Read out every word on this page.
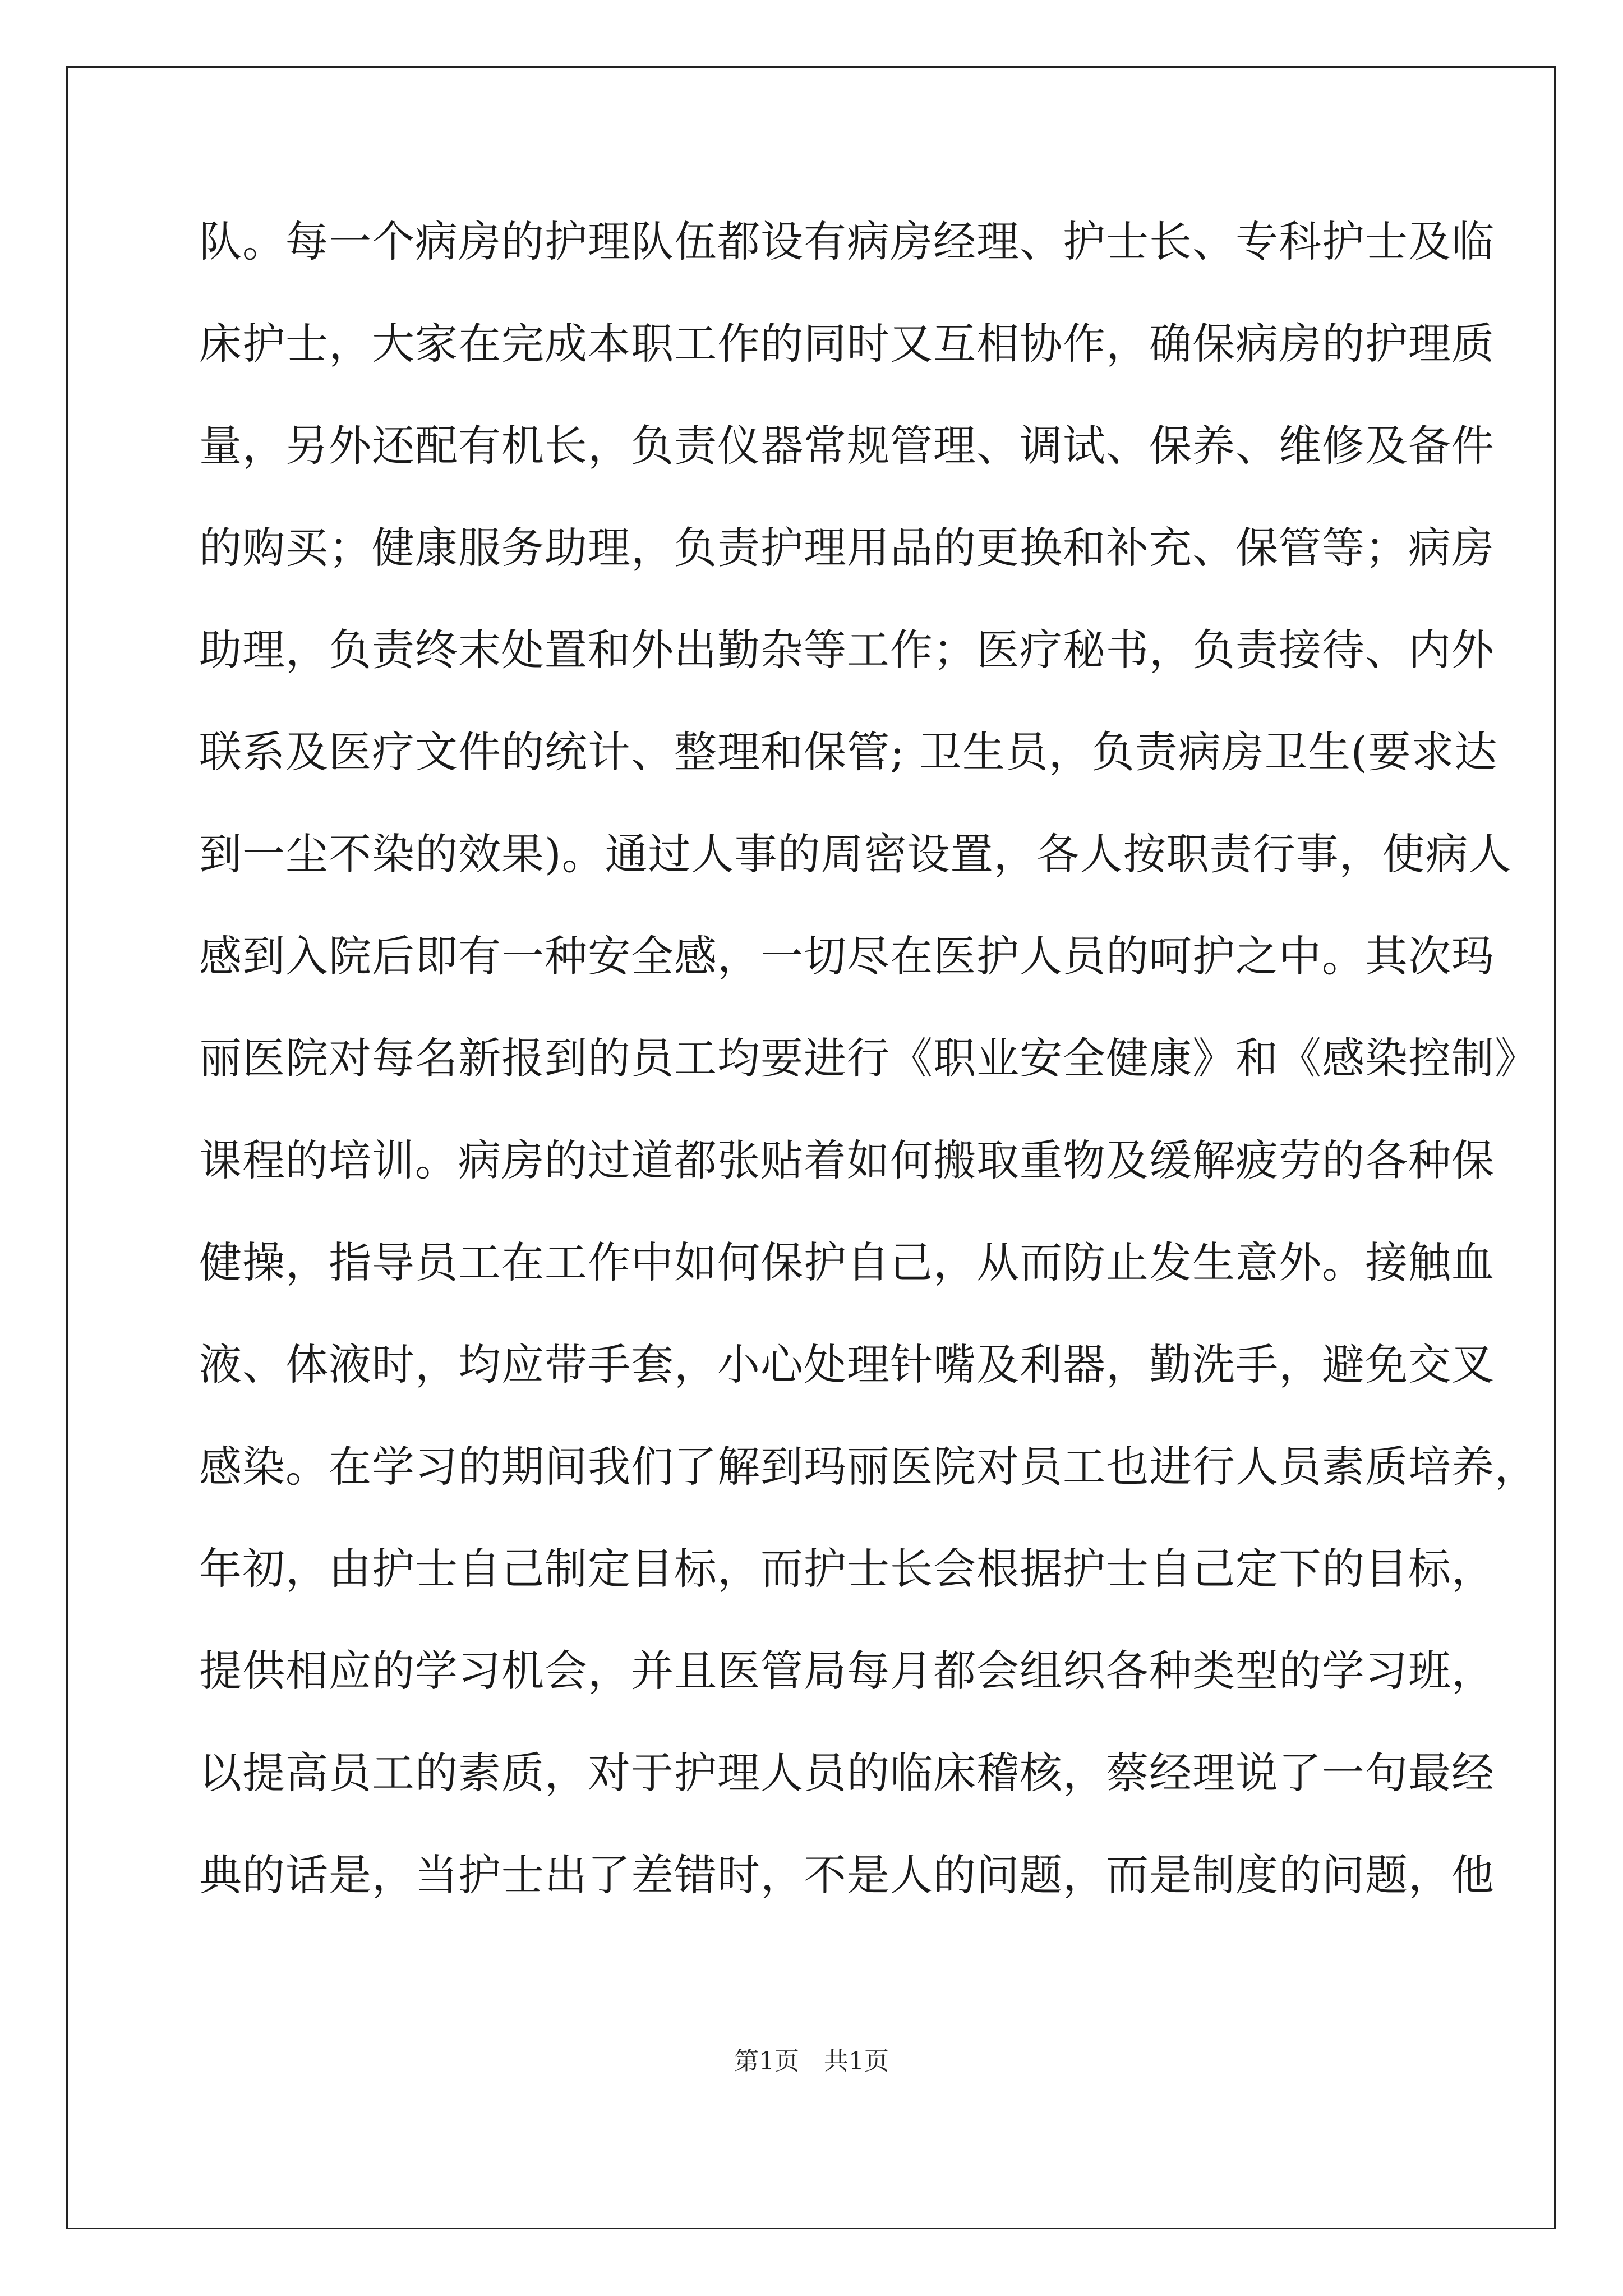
队。每一个病房的护理队伍都设有病房经理、护士长、专科护士及临
床护士，大家在完成本职工作的同时又互相协作，确保病房的护理质
量，另外还配有机长，负责仪器常规管理、调试、保养、维修及备件
的购买；健康服务助理，负责护理用品的更换和补充、保管等；病房
助理，负责终末处置和外出勤杂等工作；医疗秘书，负责接待、内外
联系及医疗文件的统计、整理和保管; 卫生员，负责病房卫生(要求达
到一尘不染的效果)。通过人事的周密设置，各人按职责行事，使病人
感到入院后即有一种安全感，一切尽在医护人员的呵护之中。其次玛
丽医院对每名新报到的员工均要进行《职业安全健康》和《感染控制》
课程的培训。病房的过道都张贴着如何搬取重物及缓解疲劳的各种保
健操，指导员工在工作中如何保护自己，从而防止发生意外。接触血
液、体液时，均应带手套，小心处理针嘴及利器，勤洗手，避免交叉
感染。在学习的期间我们了解到玛丽医院对员工也进行人员素质培养，
年初，由护士自己制定目标，而护士长会根据护士自己定下的目标，
提供相应的学习机会，并且医管局每月都会组织各种类型的学习班，
以提高员工的素质，对于护理人员的临床稽核，蔡经理说了一句最经
典的话是，当护士出了差错时，不是人的问题，而是制度的问题，他
第1页　共1页
